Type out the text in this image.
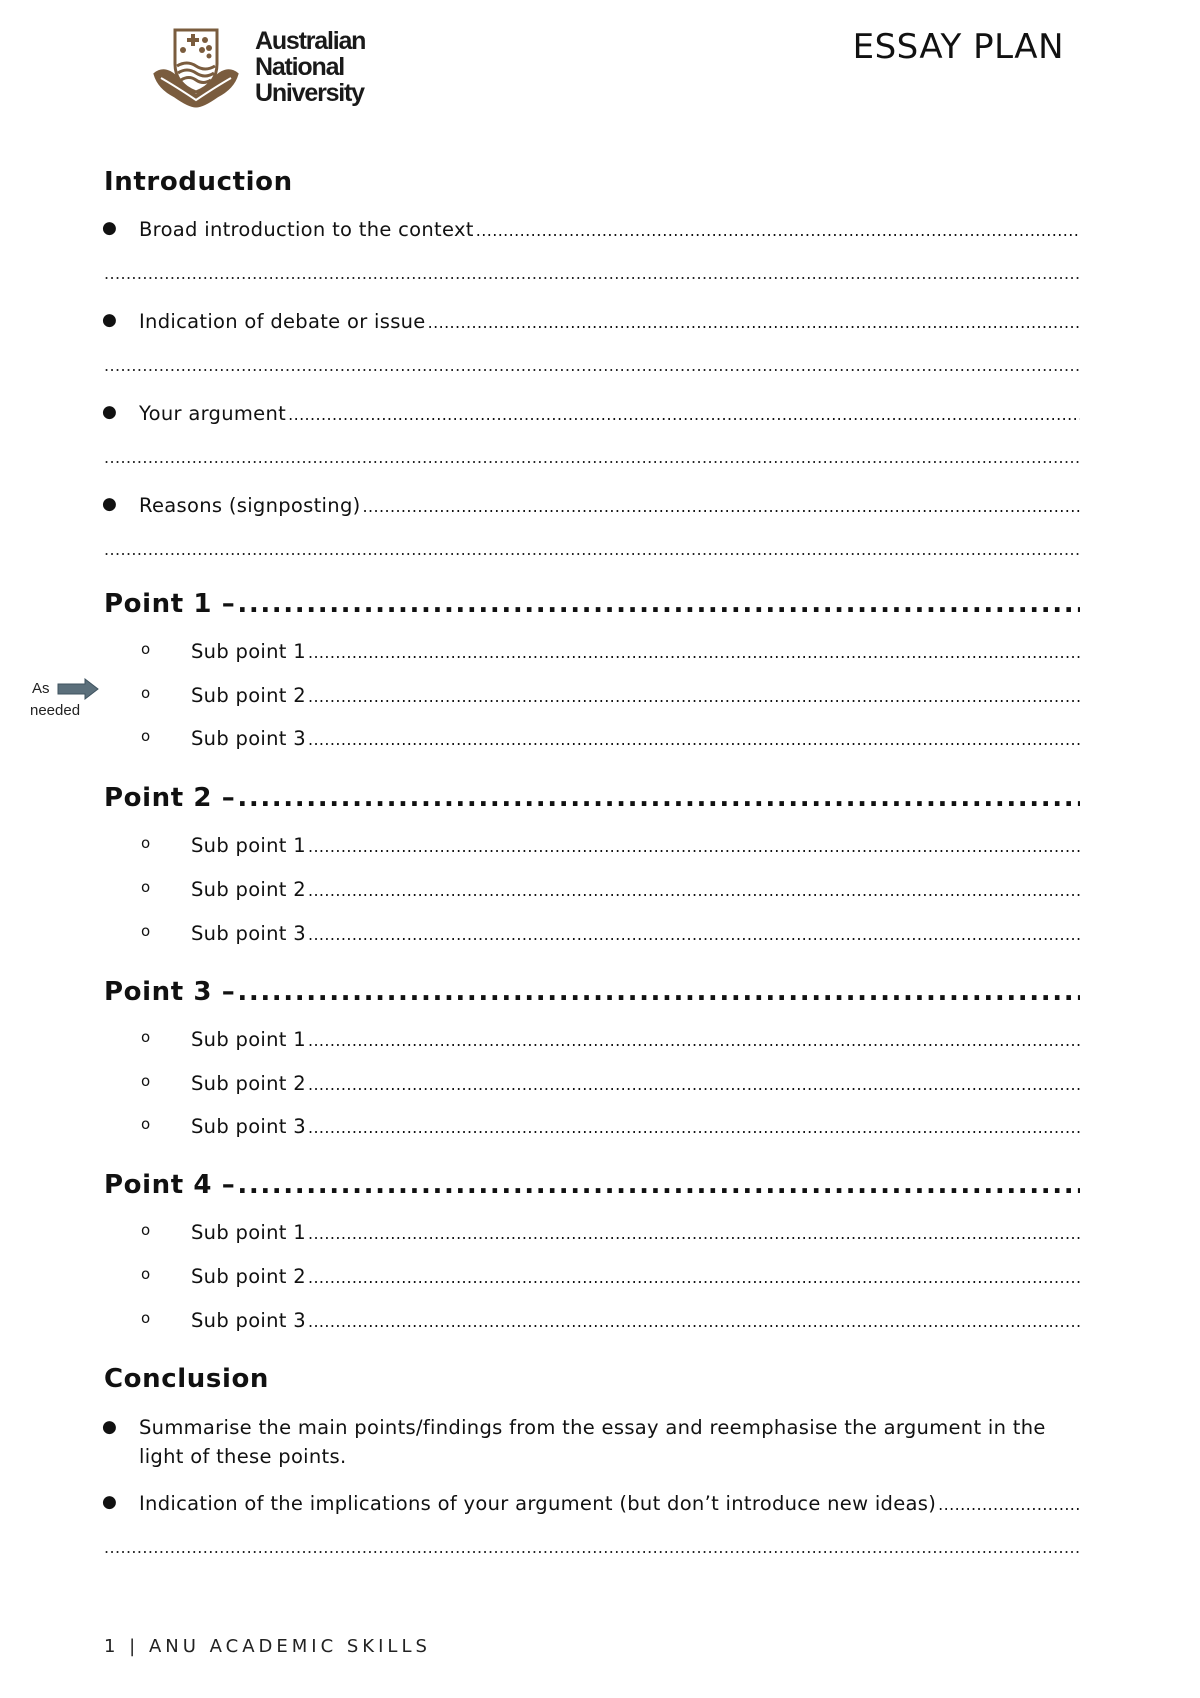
Australian
National
University
ESSAY PLAN
As
needed
Introduction
●	Broad introduction to the context
.....
.....
●	Indication of debate or issue
.....
.....
●	Your argument
.....
.....
●	Reasons (signposting)
.....
.....
Point 1 –
.....
o	Sub point 1
.....
o	Sub point 2
.....
o	Sub point 3
.....
Point 2 –
.....
o	Sub point 1
.....
o	Sub point 2
.....
o	Sub point 3
.....
Point 3 –
.....
o	Sub point 1
.....
o	Sub point 2
.....
o	Sub point 3
.....
Point 4 –
.....
o	Sub point 1
.....
o	Sub point 2
.....
o	Sub point 3
.....
Conclusion
● Summarise the main points/findings from the essay and reemphasise the argument in the light of these points.
●	Indication of the implications of your argument (but don’t introduce new ideas)
.....
.....
1 | ANU ACADEMIC SKILLS
